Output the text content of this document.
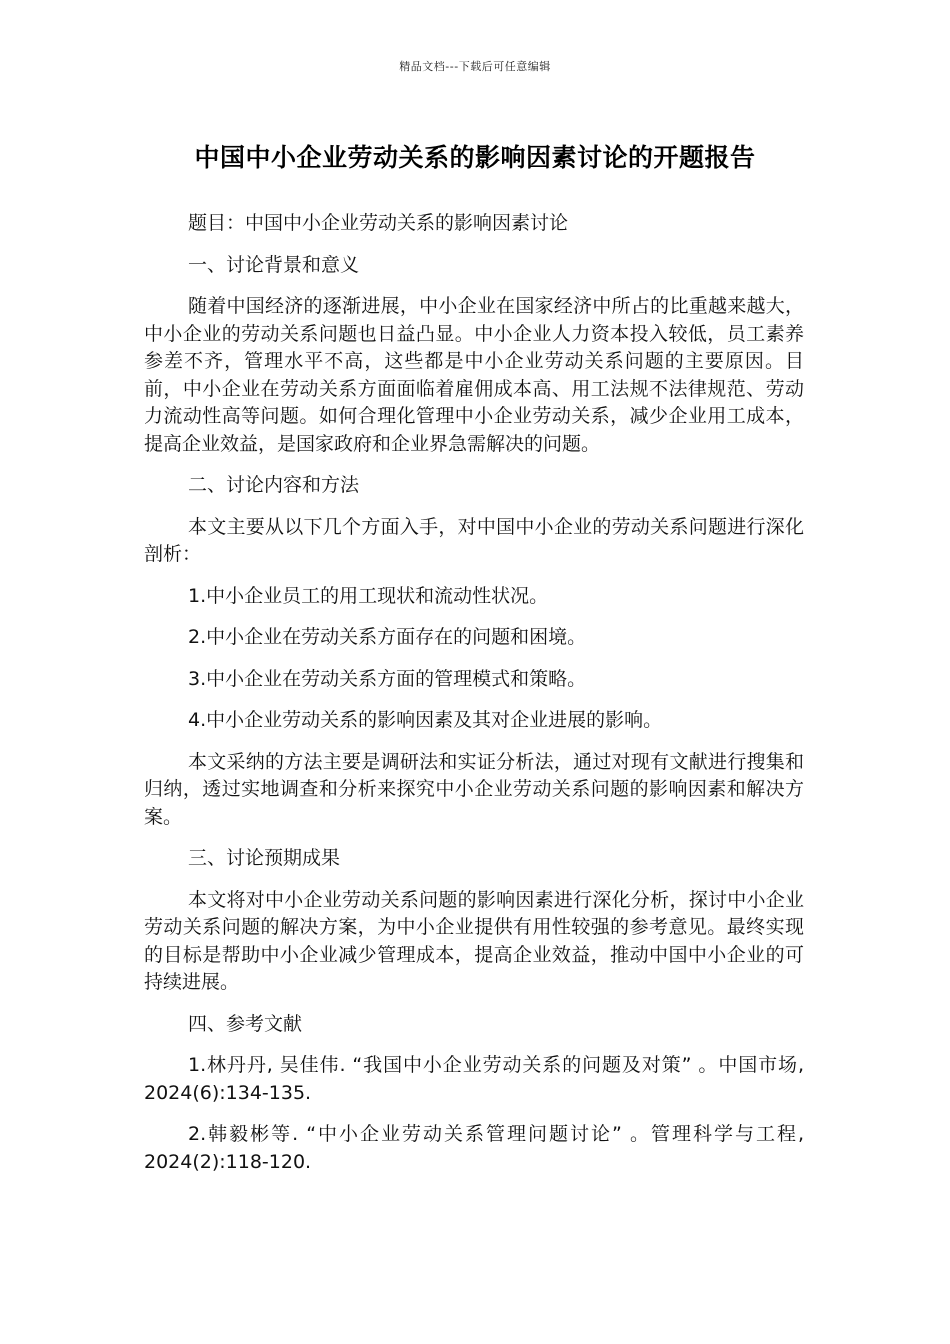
精品文档---下载后可任意编辑
中国中小企业劳动关系的影响因素讨论的开题报告

题目：中国中小企业劳动关系的影响因素讨论

一、讨论背景和意义

随着中国经济的逐渐进展，中小企业在国家经济中所占的比重越来越大，中小企业的劳动关系问题也日益凸显。中小企业人力资本投入较低，员工素养参差不齐，管理水平不高，这些都是中小企业劳动关系问题的主要原因。目前，中小企业在劳动关系方面面临着雇佣成本高、用工法规不法律规范、劳动力流动性高等问题。如何合理化管理中小企业劳动关系，减少企业用工成本，提高企业效益，是国家政府和企业界急需解决的问题。

二、讨论内容和方法

本文主要从以下几个方面入手，对中国中小企业的劳动关系问题进行深化剖析：

1.中小企业员工的用工现状和流动性状况。

2.中小企业在劳动关系方面存在的问题和困境。

3.中小企业在劳动关系方面的管理模式和策略。

4.中小企业劳动关系的影响因素及其对企业进展的影响。

本文采纳的方法主要是调研法和实证分析法，通过对现有文献进行搜集和归纳，透过实地调查和分析来探究中小企业劳动关系问题的影响因素和解决方案。

三、讨论预期成果

本文将对中小企业劳动关系问题的影响因素进行深化分析，探讨中小企业劳动关系问题的解决方案，为中小企业提供有用性较强的参考意见。最终实现的目标是帮助中小企业减少管理成本，提高企业效益，推动中国中小企业的可持续进展。

四、参考文献

1.林丹丹, 吴佳伟. “我国中小企业劳动关系的问题及对策” 。中国市场, 2024(6):134-135.

2.韩毅彬等. “中小企业劳动关系管理问题讨论” 。管理科学与工程, 2024(2):118-120.
